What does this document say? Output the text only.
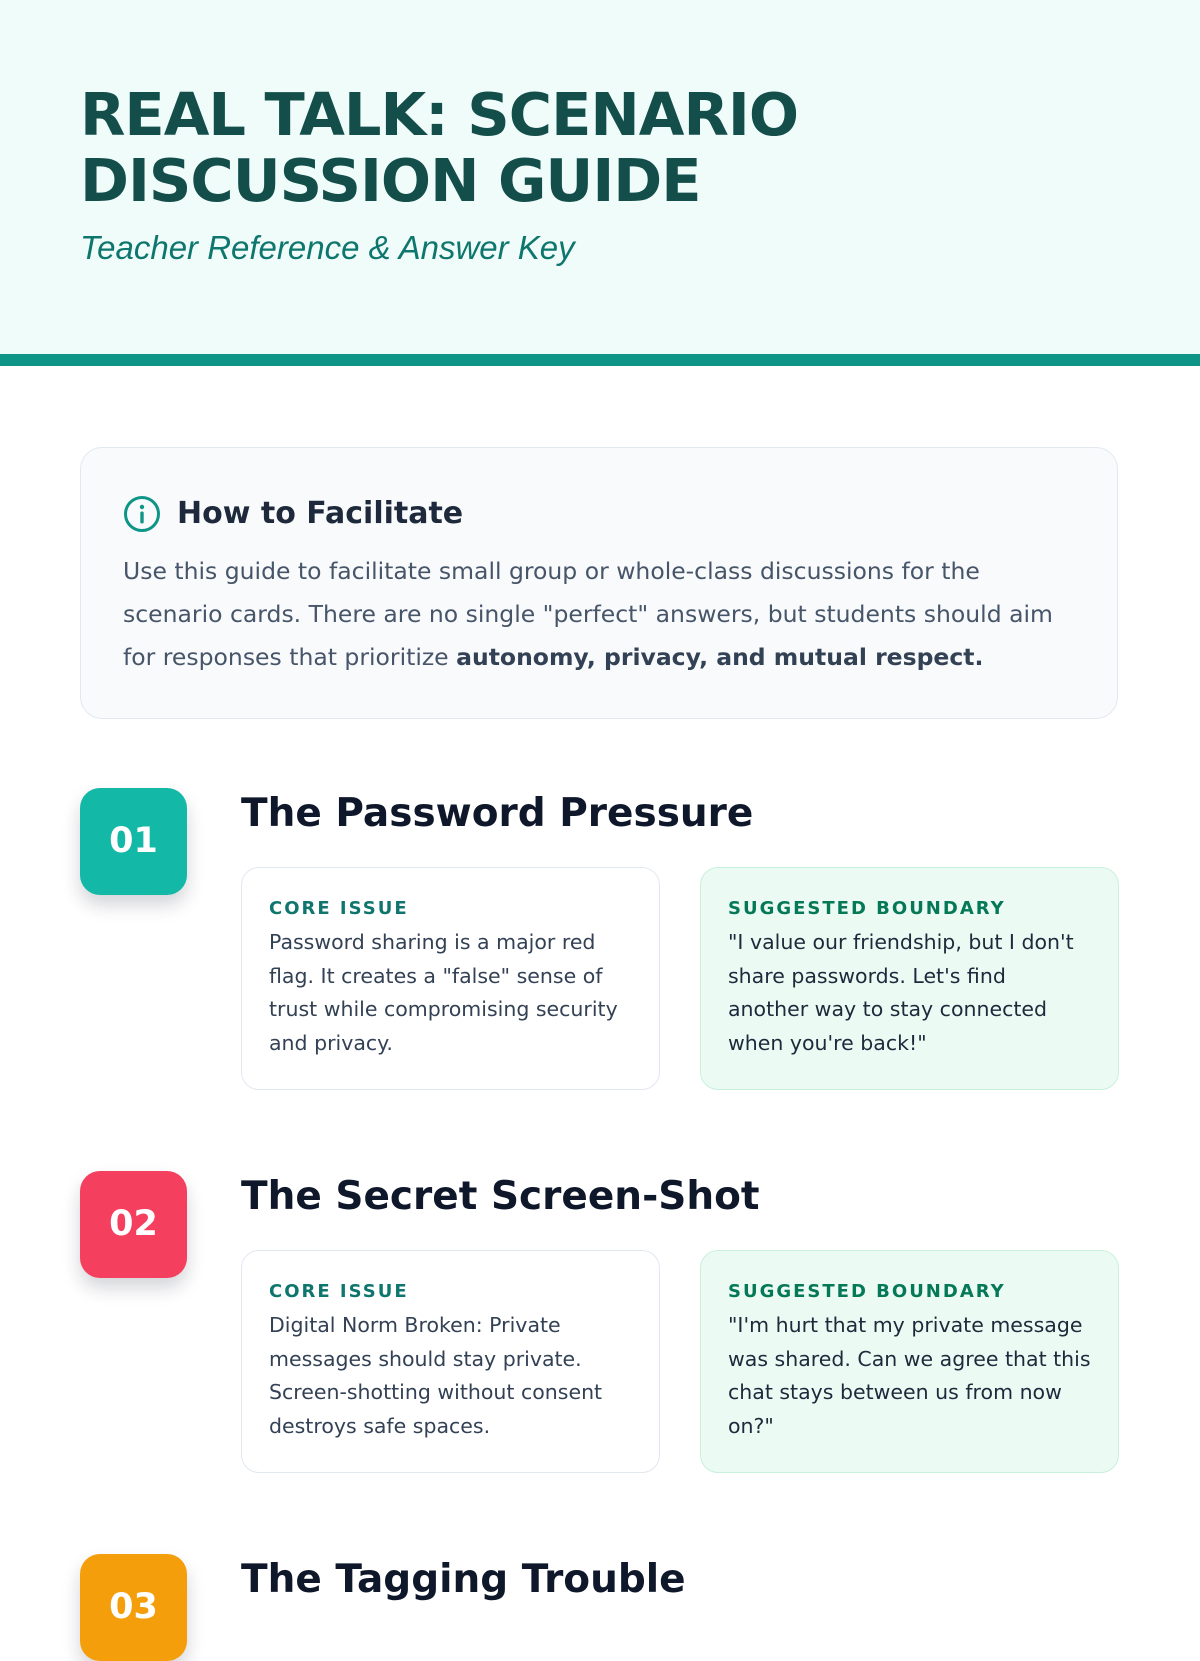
REAL TALK: SCENARIO
DISCUSSION GUIDE

Teacher Reference & Answer Key

How to Facilitate

Use this guide to facilitate small group or whole-class discussions for the scenario cards. There are no single "perfect" answers, but students should aim for responses that prioritize autonomy, privacy, and mutual respect.

01
The Password Pressure

CORE ISSUE

Password sharing is a major red flag. It creates a "false" sense of trust while compromising security and privacy.

SUGGESTED BOUNDARY

"I value our friendship, but I don't share passwords. Let's find another way to stay connected when you're back!"

02
The Secret Screen-Shot

CORE ISSUE

Digital Norm Broken: Private messages should stay private. Screen-shotting without consent destroys safe spaces.

SUGGESTED BOUNDARY

"I'm hurt that my private message was shared. Can we agree that this chat stays between us from now on?"

03
The Tagging Trouble
